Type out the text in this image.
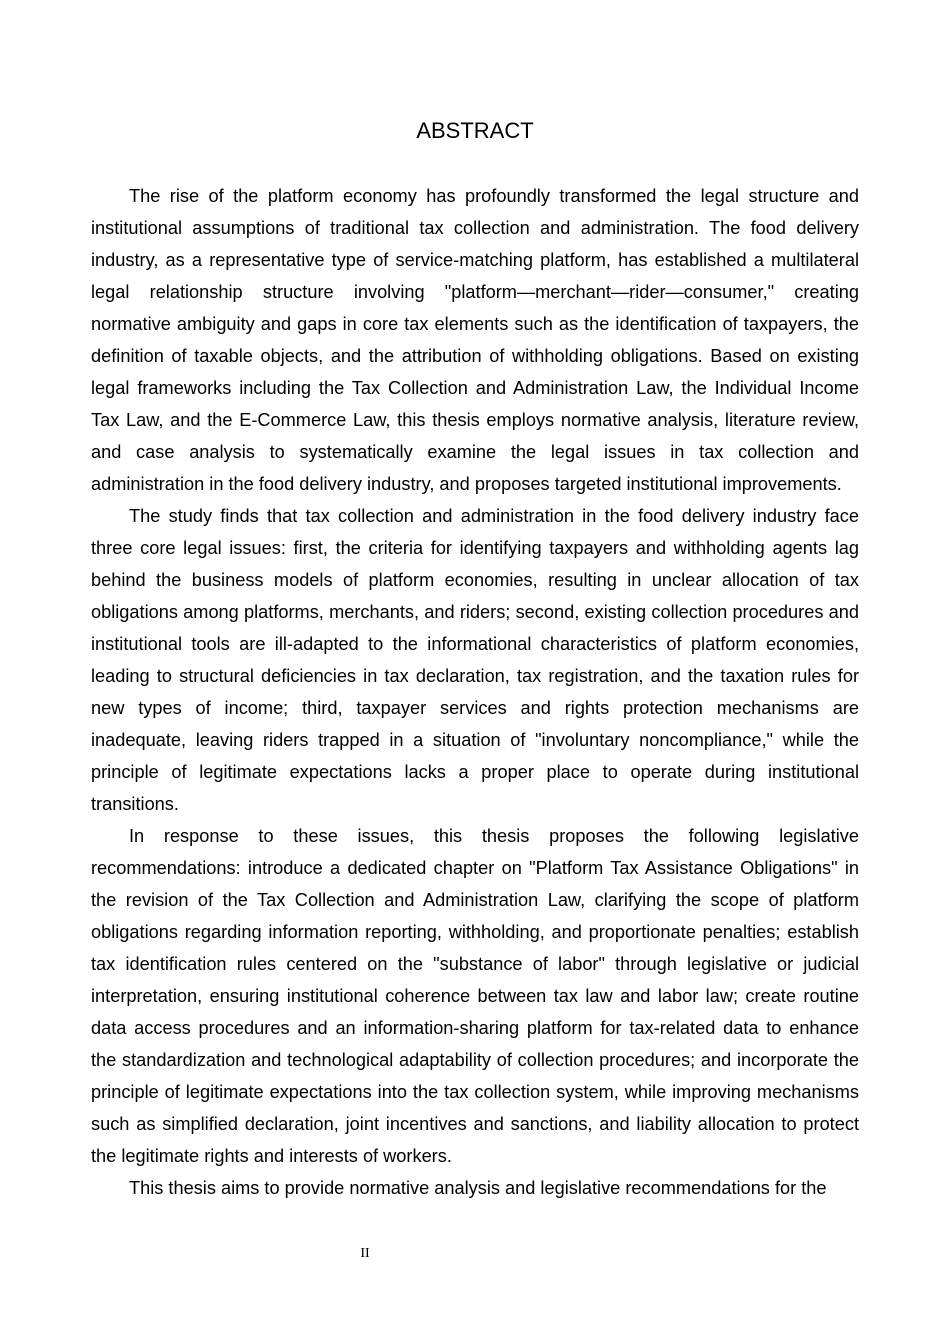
ABSTRACT

The rise of the platform economy has profoundly transformed the legal structure and institutional assumptions of traditional tax collection and administration. The food delivery industry, as a representative type of service-matching platform, has established a multilateral legal relationship structure involving "platform—merchant—rider—consumer," creating normative ambiguity and gaps in core tax elements such as the identification of taxpayers, the definition of taxable objects, and the attribution of withholding obligations. Based on existing legal frameworks including the Tax Collection and Administration Law, the Individual Income Tax Law, and the E-Commerce Law, this thesis employs normative analysis, literature review, and case analysis to systematically examine the legal issues in tax collection and administration in the food delivery industry, and proposes targeted institutional improvements.

The study finds that tax collection and administration in the food delivery industry face three core legal issues: first, the criteria for identifying taxpayers and withholding agents lag behind the business models of platform economies, resulting in unclear allocation of tax obligations among platforms, merchants, and riders; second, existing collection procedures and institutional tools are ill-adapted to the informational characteristics of platform economies, leading to structural deficiencies in tax declaration, tax registration, and the taxation rules for new types of income; third, taxpayer services and rights protection mechanisms are inadequate, leaving riders trapped in a situation of "involuntary noncompliance," while the principle of legitimate expectations lacks a proper place to operate during institutional transitions.

In response to these issues, this thesis proposes the following legislative recommendations: introduce a dedicated chapter on "Platform Tax Assistance Obligations" in the revision of the Tax Collection and Administration Law, clarifying the scope of platform obligations regarding information reporting, withholding, and proportionate penalties; establish tax identification rules centered on the "substance of labor" through legislative or judicial interpretation, ensuring institutional coherence between tax law and labor law; create routine data access procedures and an information-sharing platform for tax-related data to enhance the standardization and technological adaptability of collection procedures; and incorporate the principle of legitimate expectations into the tax collection system, while improving mechanisms such as simplified declaration, joint incentives and sanctions, and liability allocation to protect the legitimate rights and interests of workers.

This thesis aims to provide normative analysis and legislative recommendations for the

II
